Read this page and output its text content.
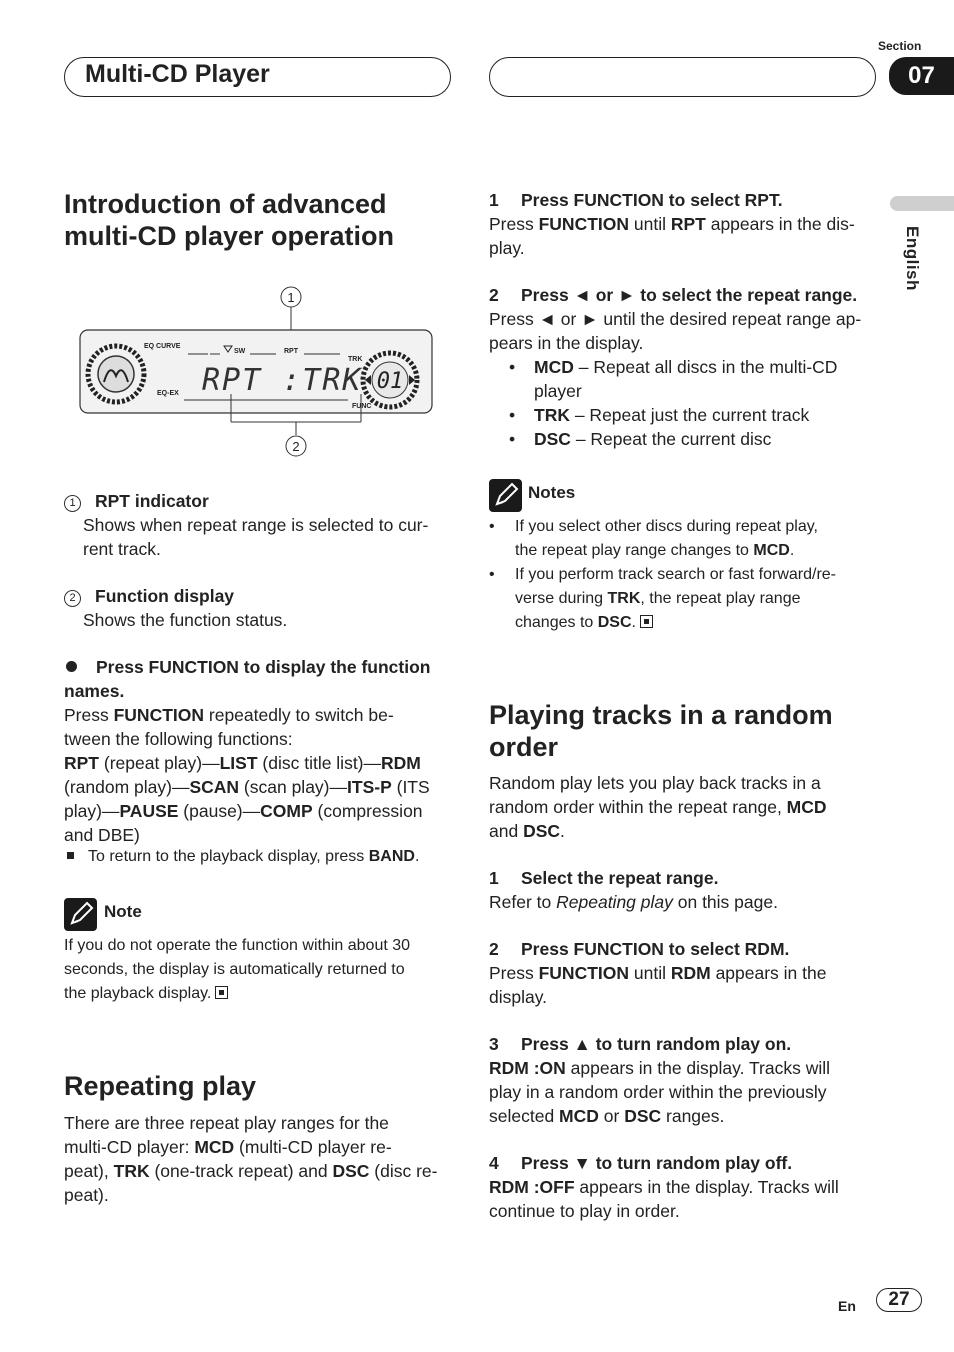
Multi-CD Player
Section
07
English
Introduction of advanced
multi-CD player operation
1
01
EQ CURVE
EQ-EX
SW	RPT
TRK
FUNC
RPT :TRK
2
1 RPT indicator
Shows when repeat range is selected to cur-
rent track.
2 Function display
Shows the function status.
Press FUNCTION to display the function
names.
Press FUNCTION repeatedly to switch be-
tween the following functions:
RPT (repeat play)—LIST (disc title list)—RDM
(random play)—SCAN (scan play)—ITS-P (ITS
play)—PAUSE (pause)—COMP (compression
and DBE)
To return to the playback display, press BAND.
Note
If you do not operate the function within about 30
seconds, the display is automatically returned to
the playback display.
Repeating play
There are three repeat play ranges for the
multi-CD player: MCD (multi-CD player re-
peat), TRK (one-track repeat) and DSC (disc re-
peat).
1 Press FUNCTION to select RPT.
Press FUNCTION until RPT appears in the dis-
play.
2 Press ◄ or ► to select the repeat range.
Press ◄ or ► until the desired repeat range ap-
pears in the display.
• MCD – Repeat all discs in the multi-CD
player
• TRK – Repeat just the current track
• DSC – Repeat the current disc
Notes
• If you select other discs during repeat play,
the repeat play range changes to MCD.
• If you perform track search or fast forward/re-
verse during TRK, the repeat play range
changes to DSC.
Playing tracks in a random
order
Random play lets you play back tracks in a
random order within the repeat range, MCD
and DSC.
1 Select the repeat range.
Refer to Repeating play on this page.
2 Press FUNCTION to select RDM.
Press FUNCTION until RDM appears in the
display.
3 Press ▲ to turn random play on.
RDM :ON appears in the display. Tracks will
play in a random order within the previously
selected MCD or DSC ranges.
4 Press ▼ to turn random play off.
RDM :OFF appears in the display. Tracks will
continue to play in order.
En	27
